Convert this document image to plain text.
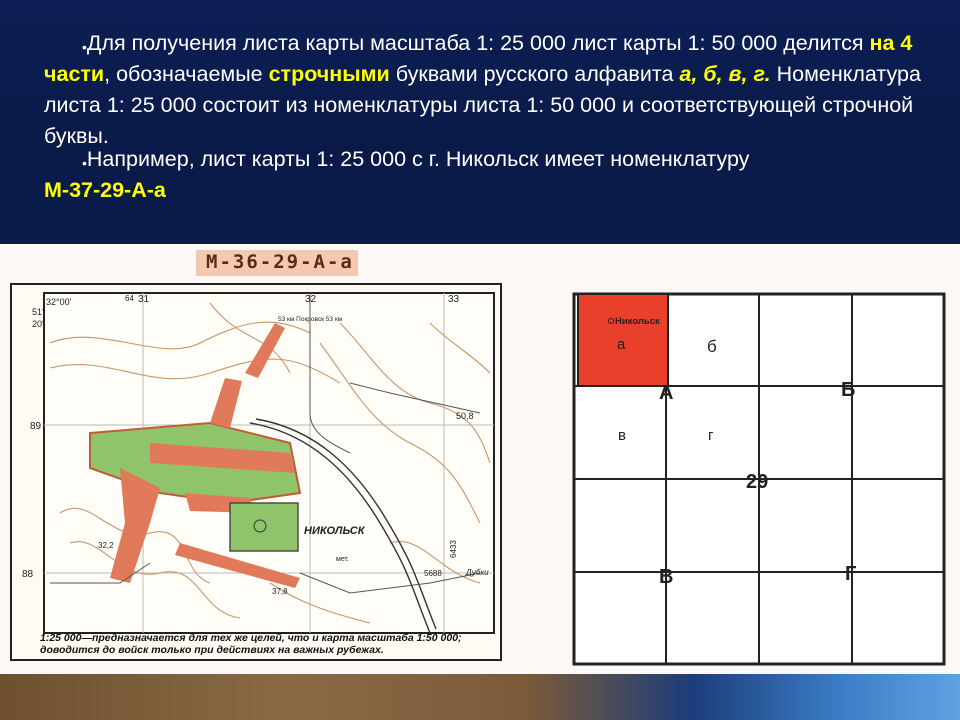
•Для получения листа карты масштаба 1: 25 000 лист карты 1: 50 000 делится на 4 части, обозначаемые строчными буквами русского алфавита а, б, в, г. Номенклатура листа 1: 25 000 состоит из номенклатуры листа 1: 50 000 и соответствующей строчной буквы.
•Например, лист карты 1: 25 000 с г. Никольск имеет номенклатуру
М-37-29-А-а
М-36-29-А-а
32°00'
51°
20'
64 31	32	33
89
88
53 км Покровск 53 км
50,8
32,2
37,8
НИКОЛЬСК
мет.
Дубки
5688
6433
1:25 000—предназначается для тех же целей, что и карта масштаба 1:50 000;
доводится до войск только при действиях на важных рубежах.
Никольск
а	б
в	г
А	Б
В	Г
29
